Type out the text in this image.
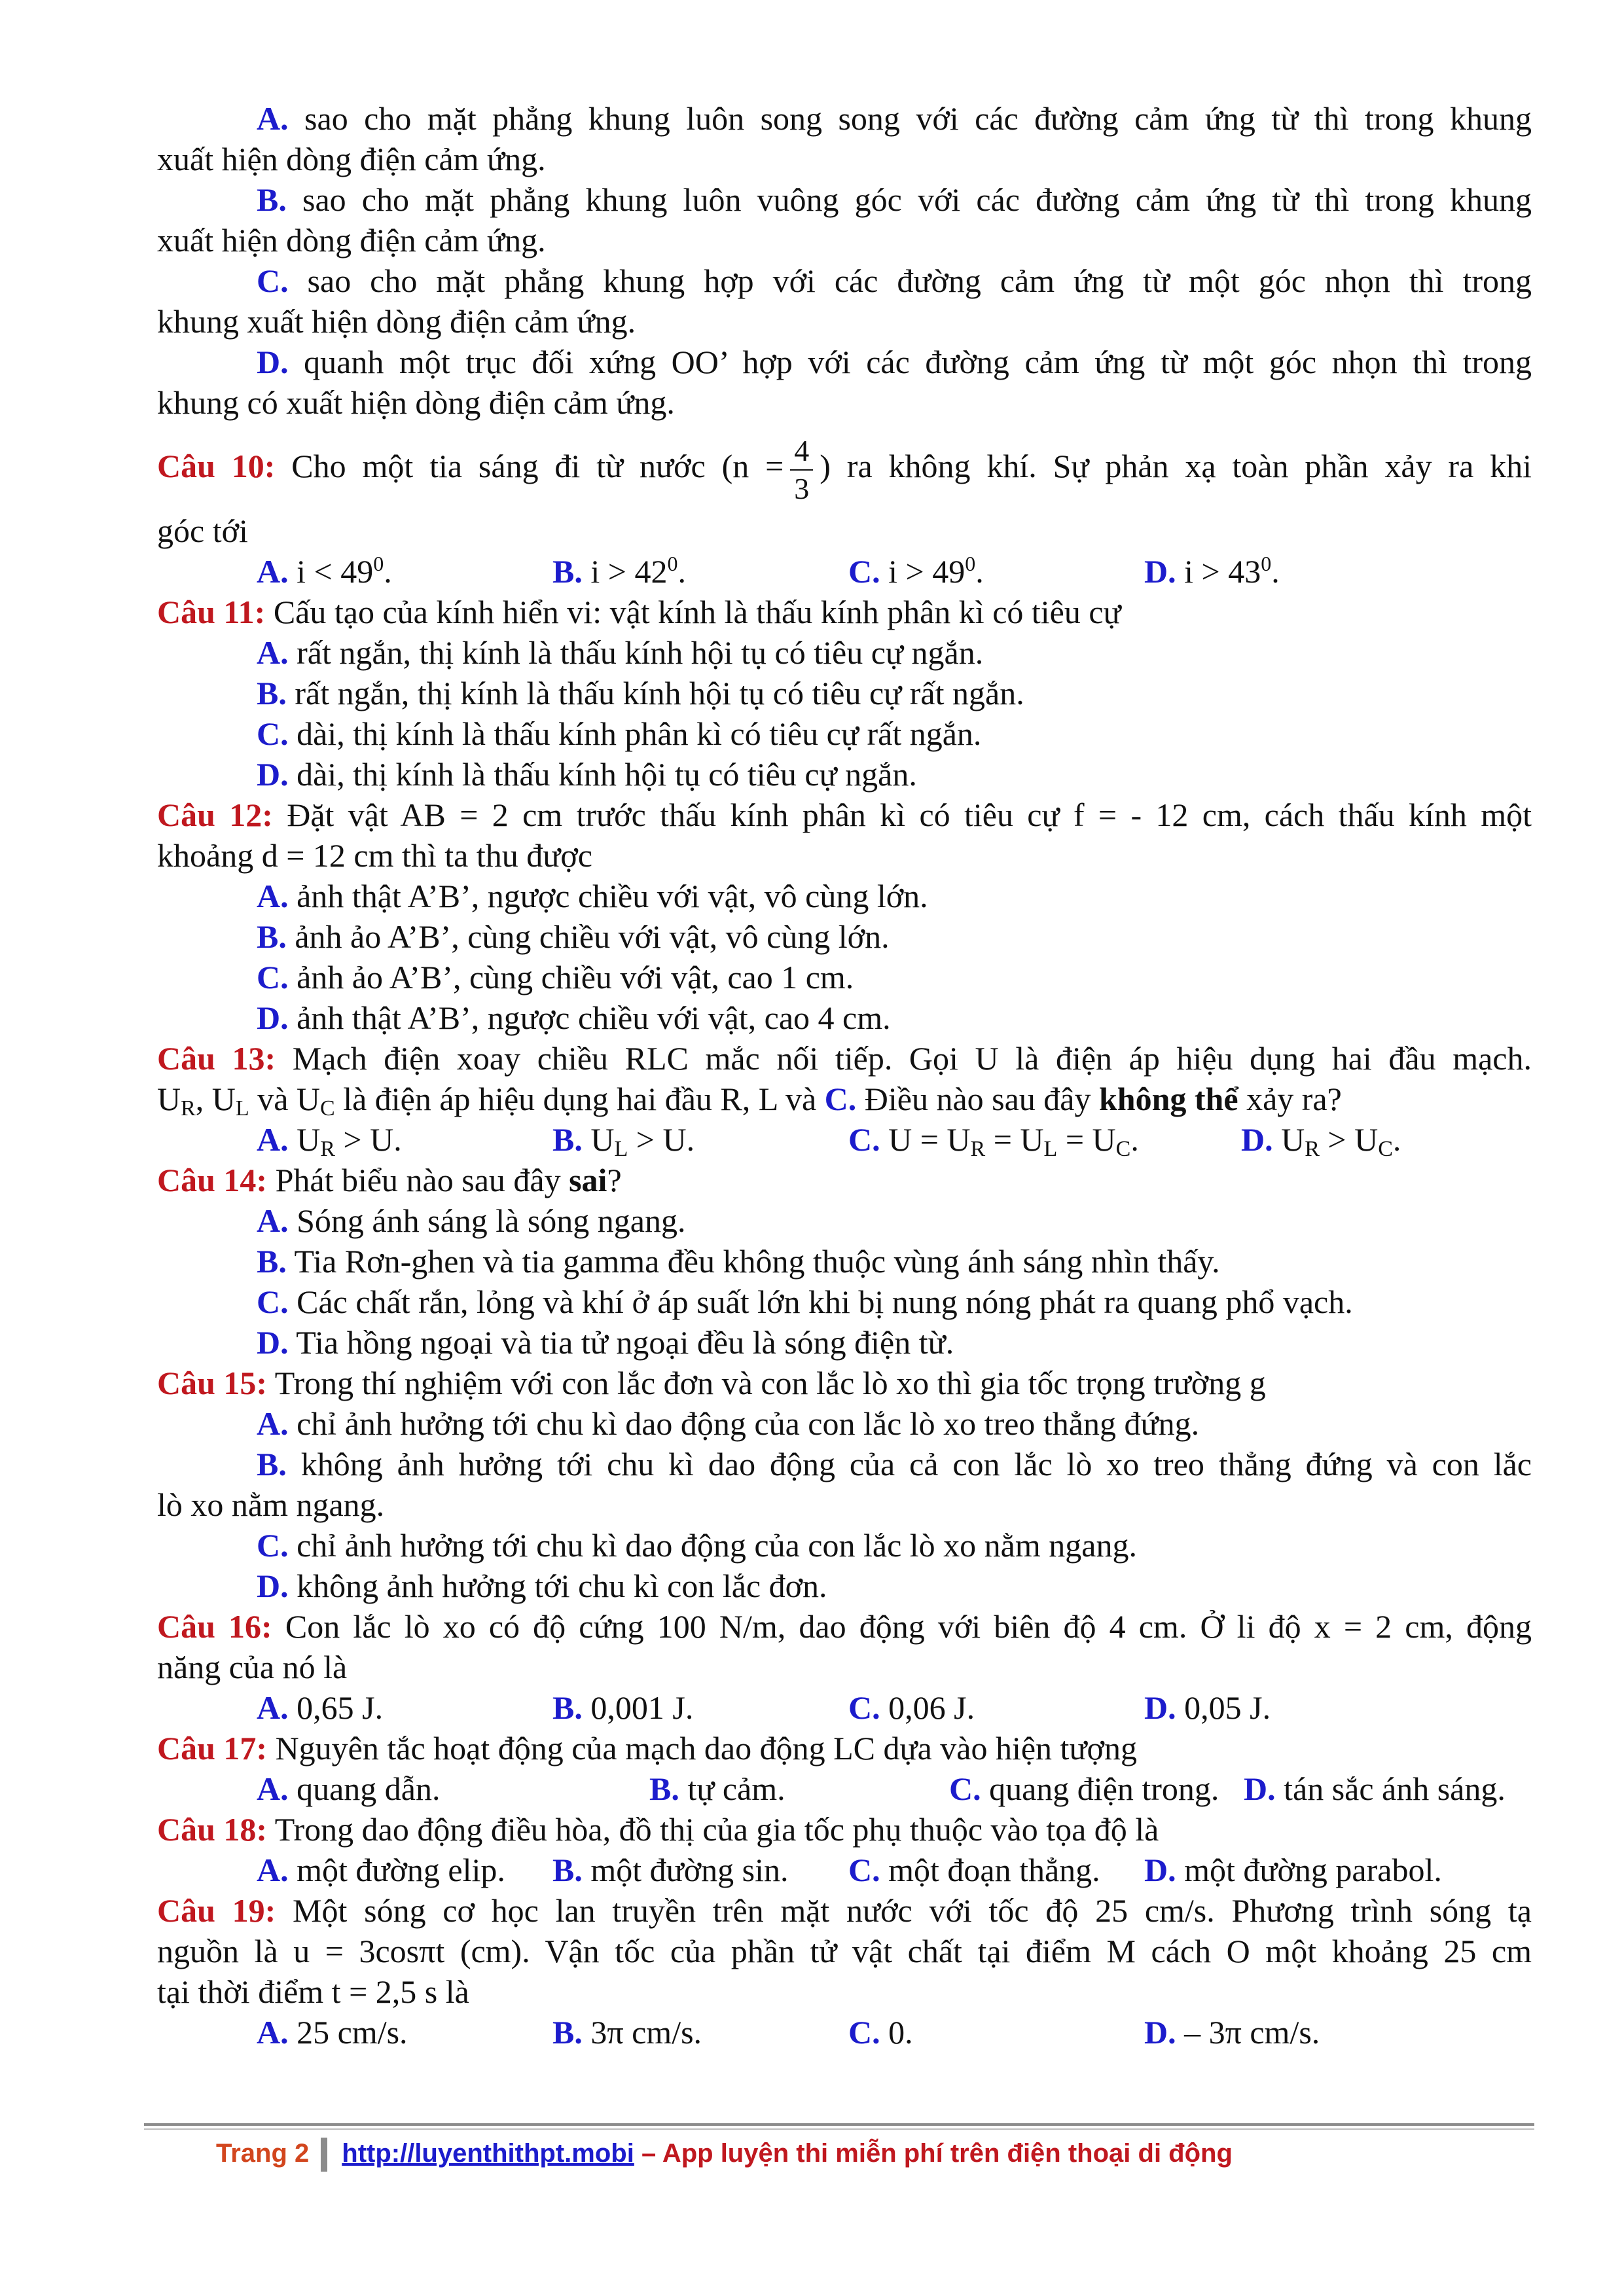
A. sao cho mặt phẳng khung luôn song song với các đường cảm ứng từ thì trong khung
xuất hiện dòng điện cảm ứng.
B. sao cho mặt phẳng khung luôn vuông góc với các đường cảm ứng từ thì trong khung
xuất hiện dòng điện cảm ứng.
C. sao cho mặt phẳng khung hợp với các đường cảm ứng từ một góc nhọn thì trong
khung xuất hiện dòng điện cảm ứng.
D. quanh một trục đối xứng OO’ hợp với các đường cảm ứng từ một góc nhọn thì trong
khung có xuất hiện dòng điện cảm ứng.
Câu 10: Cho một tia sáng đi từ nước ($n = \frac{4}{3}$ ) ra không khí. Sự phản xạ toàn phần xảy ra khi
góc tới
A. $i < 49^0$.	B. $i > 42^0$.	C. $i > 49^0$.	D. $i > 43^0$.
Câu 11: Cấu tạo của kính hiển vi: vật kính là thấu kính phân kì có tiêu cự
A. rất ngắn, thị kính là thấu kính hội tụ có tiêu cự ngắn.
B. rất ngắn, thị kính là thấu kính hội tụ có tiêu cự rất ngắn.
C. dài, thị kính là thấu kính phân kì có tiêu cự rất ngắn.
D. dài, thị kính là thấu kính hội tụ có tiêu cự ngắn.
Câu 12: Đặt vật AB = 2 cm trước thấu kính phân kì có tiêu cự f = - 12 cm, cách thấu kính một
khoảng d = 12 cm thì ta thu được
A. ảnh thật A’B’, ngược chiều với vật, vô cùng lớn.
B. ảnh ảo A’B’, cùng chiều với vật, vô cùng lớn.
C. ảnh ảo A’B’, cùng chiều với vật, cao 1 cm.
D. ảnh thật A’B’, ngược chiều với vật, cao 4 cm.
Câu 13: Mạch điện xoay chiều RLC mắc nối tiếp. Gọi U là điện áp hiệu dụng hai đầu mạch.
$U_R$, $U_L$ và $U_C$ là điện áp hiệu dụng hai đầu R, L và C. Điều nào sau đây không thể xảy ra?
A. $U_R > U$.	B. $U_L > U$.	C. $U = U_R = U_L = U_C$.	D. $U_R > U_C$.
Câu 14: Phát biểu nào sau đây sai?
A. Sóng ánh sáng là sóng ngang.
B. Tia Rơn-ghen và tia gamma đều không thuộc vùng ánh sáng nhìn thấy.
C. Các chất rắn, lỏng và khí ở áp suất lớn khi bị nung nóng phát ra quang phổ vạch.
D. Tia hồng ngoại và tia tử ngoại đều là sóng điện từ.
Câu 15: Trong thí nghiệm với con lắc đơn và con lắc lò xo thì gia tốc trọng trường g
A. chỉ ảnh hưởng tới chu kì dao động của con lắc lò xo treo thẳng đứng.
B. không ảnh hưởng tới chu kì dao động của cả con lắc lò xo treo thẳng đứng và con lắc
lò xo nằm ngang.
C. chỉ ảnh hưởng tới chu kì dao động của con lắc lò xo nằm ngang.
D. không ảnh hưởng tới chu kì con lắc đơn.
Câu 16: Con lắc lò xo có độ cứng 100 N/m, dao động với biên độ 4 cm. Ở li độ x = 2 cm, động
năng của nó là
A. 0,65 J.	B. 0,001 J.	C. 0,06 J.	D. 0,05 J.
Câu 17: Nguyên tắc hoạt động của mạch dao động LC dựa vào hiện tượng
A. quang dẫn.	B. tự cảm.	C. quang điện trong. D. tán sắc ánh sáng.
Câu 18: Trong dao động điều hòa, đồ thị của gia tốc phụ thuộc vào tọa độ là
A. một đường elip. B. một đường sin. C. một đoạn thẳng. D. một đường parabol.
Câu 19: Một sóng cơ học lan truyền trên mặt nước với tốc độ 25 cm/s. Phương trình sóng tạ
nguồn là u = 3cosπt (cm). Vận tốc của phần tử vật chất tại điểm M cách O một khoảng 25 cm
tại thời điểm t = 2,5 s là
A. 25 cm/s.	B. 3π cm/s.	C. 0.	D. – 3π cm/s.
Trang 2 http://luyenthithpt.mobi – App luyện thi miễn phí trên điện thoại di động
